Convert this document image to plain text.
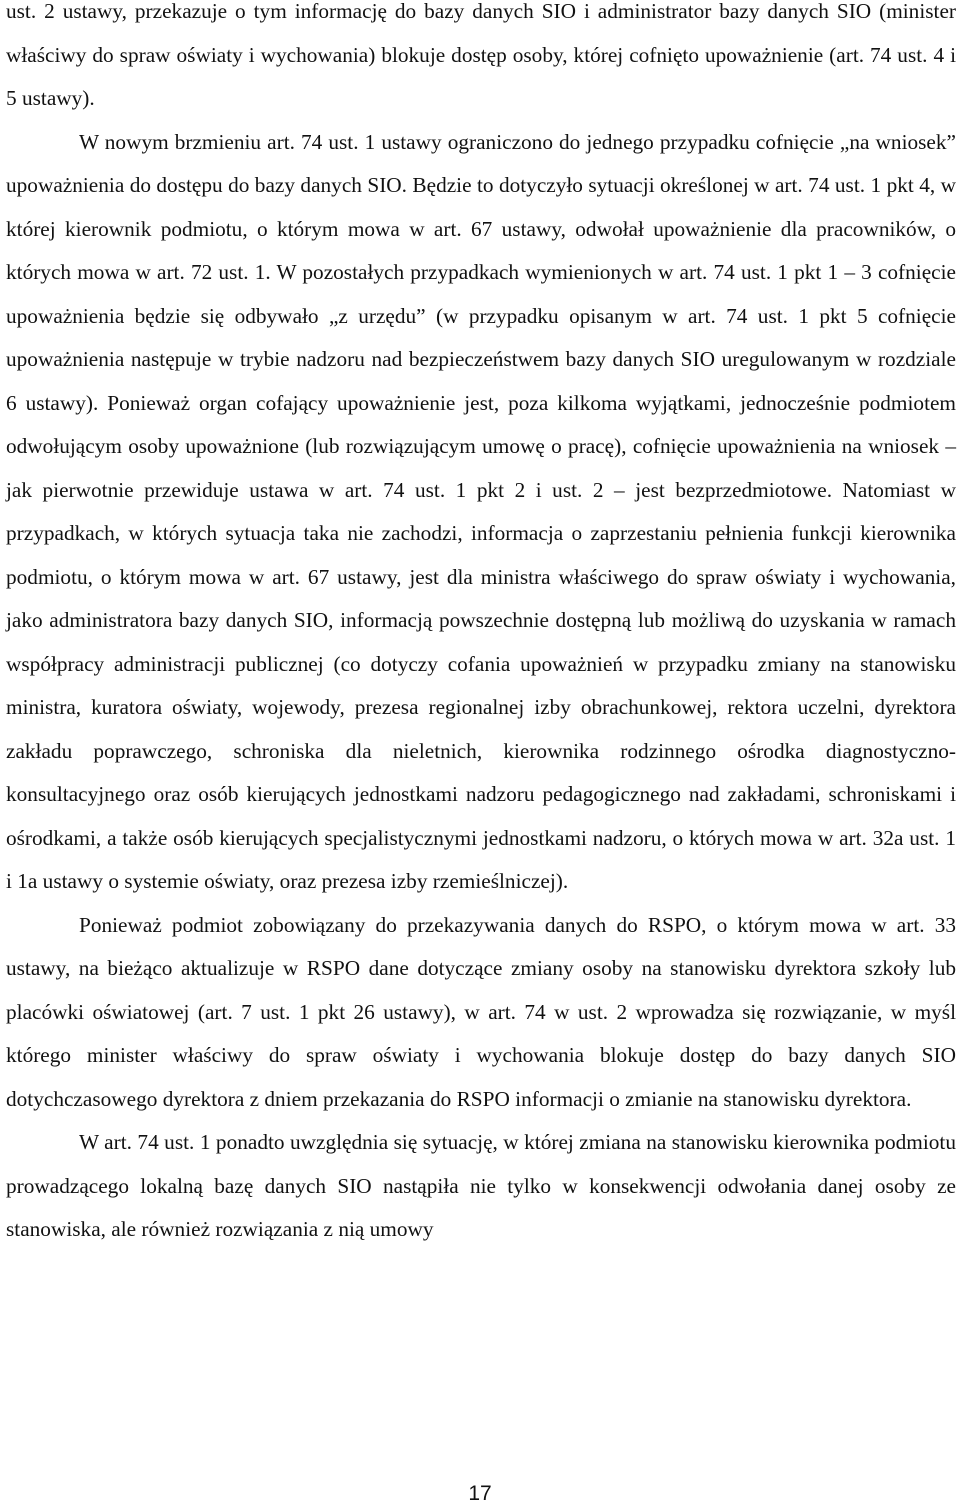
ust. 2 ustawy, przekazuje o tym informację do bazy danych SIO i administrator bazy danych SIO (minister właściwy do spraw oświaty i wychowania) blokuje dostęp osoby, której cofnięto upoważnienie (art. 74 ust. 4 i 5 ustawy).

W nowym brzmieniu art. 74 ust. 1 ustawy ograniczono do jednego przypadku cofnięcie „na wniosek” upoważnienia do dostępu do bazy danych SIO. Będzie to dotyczyło sytuacji określonej w art. 74 ust. 1 pkt 4, w której kierownik podmiotu, o którym mowa w art. 67 ustawy, odwołał upoważnienie dla pracowników, o których mowa w art. 72 ust. 1. W pozostałych przypadkach wymienionych w art. 74 ust. 1 pkt 1 – 3 cofnięcie upoważnienia będzie się odbywało „z urzędu” (w przypadku opisanym w art. 74 ust. 1 pkt 5 cofnięcie upoważnienia następuje w trybie nadzoru nad bezpieczeństwem bazy danych SIO uregulowanym w rozdziale 6 ustawy). Ponieważ organ cofający upoważnienie jest, poza kilkoma wyjątkami, jednocześnie podmiotem odwołującym osoby upoważnione (lub rozwiązującym umowę o pracę), cofnięcie upoważnienia na wniosek – jak pierwotnie przewiduje ustawa w art. 74 ust. 1 pkt 2 i ust. 2 – jest bezprzedmiotowe. Natomiast w przypadkach, w których sytuacja taka nie zachodzi, informacja o zaprzestaniu pełnienia funkcji kierownika podmiotu, o którym mowa w art. 67 ustawy, jest dla ministra właściwego do spraw oświaty i wychowania, jako administratora bazy danych SIO, informacją powszechnie dostępną lub możliwą do uzyskania w ramach współpracy administracji publicznej (co dotyczy cofania upoważnień w przypadku zmiany na stanowisku ministra, kuratora oświaty, wojewody, prezesa regionalnej izby obrachunkowej, rektora uczelni, dyrektora zakładu poprawczego, schroniska dla nieletnich, kierownika rodzinnego ośrodka diagnostyczno-konsultacyjnego oraz osób kierujących jednostkami nadzoru pedagogicznego nad zakładami, schroniskami i ośrodkami, a także osób kierujących specjalistycznymi jednostkami nadzoru, o których mowa w art. 32a ust. 1 i 1a ustawy o systemie oświaty, oraz prezesa izby rzemieślniczej).

Ponieważ podmiot zobowiązany do przekazywania danych do RSPO, o którym mowa w art. 33 ustawy, na bieżąco aktualizuje w RSPO dane dotyczące zmiany osoby na stanowisku dyrektora szkoły lub placówki oświatowej (art. 7 ust. 1 pkt 26 ustawy), w art. 74 w ust. 2 wprowadza się rozwiązanie, w myśl którego minister właściwy do spraw oświaty i wychowania blokuje dostęp do bazy danych SIO dotychczasowego dyrektora z dniem przekazania do RSPO informacji o zmianie na stanowisku dyrektora.

W art. 74 ust. 1 ponadto uwzględnia się sytuację, w której zmiana na stanowisku kierownika podmiotu prowadzącego lokalną bazę danych SIO nastąpiła nie tylko w konsekwencji odwołania danej osoby ze stanowiska, ale również rozwiązania z nią umowy

17
